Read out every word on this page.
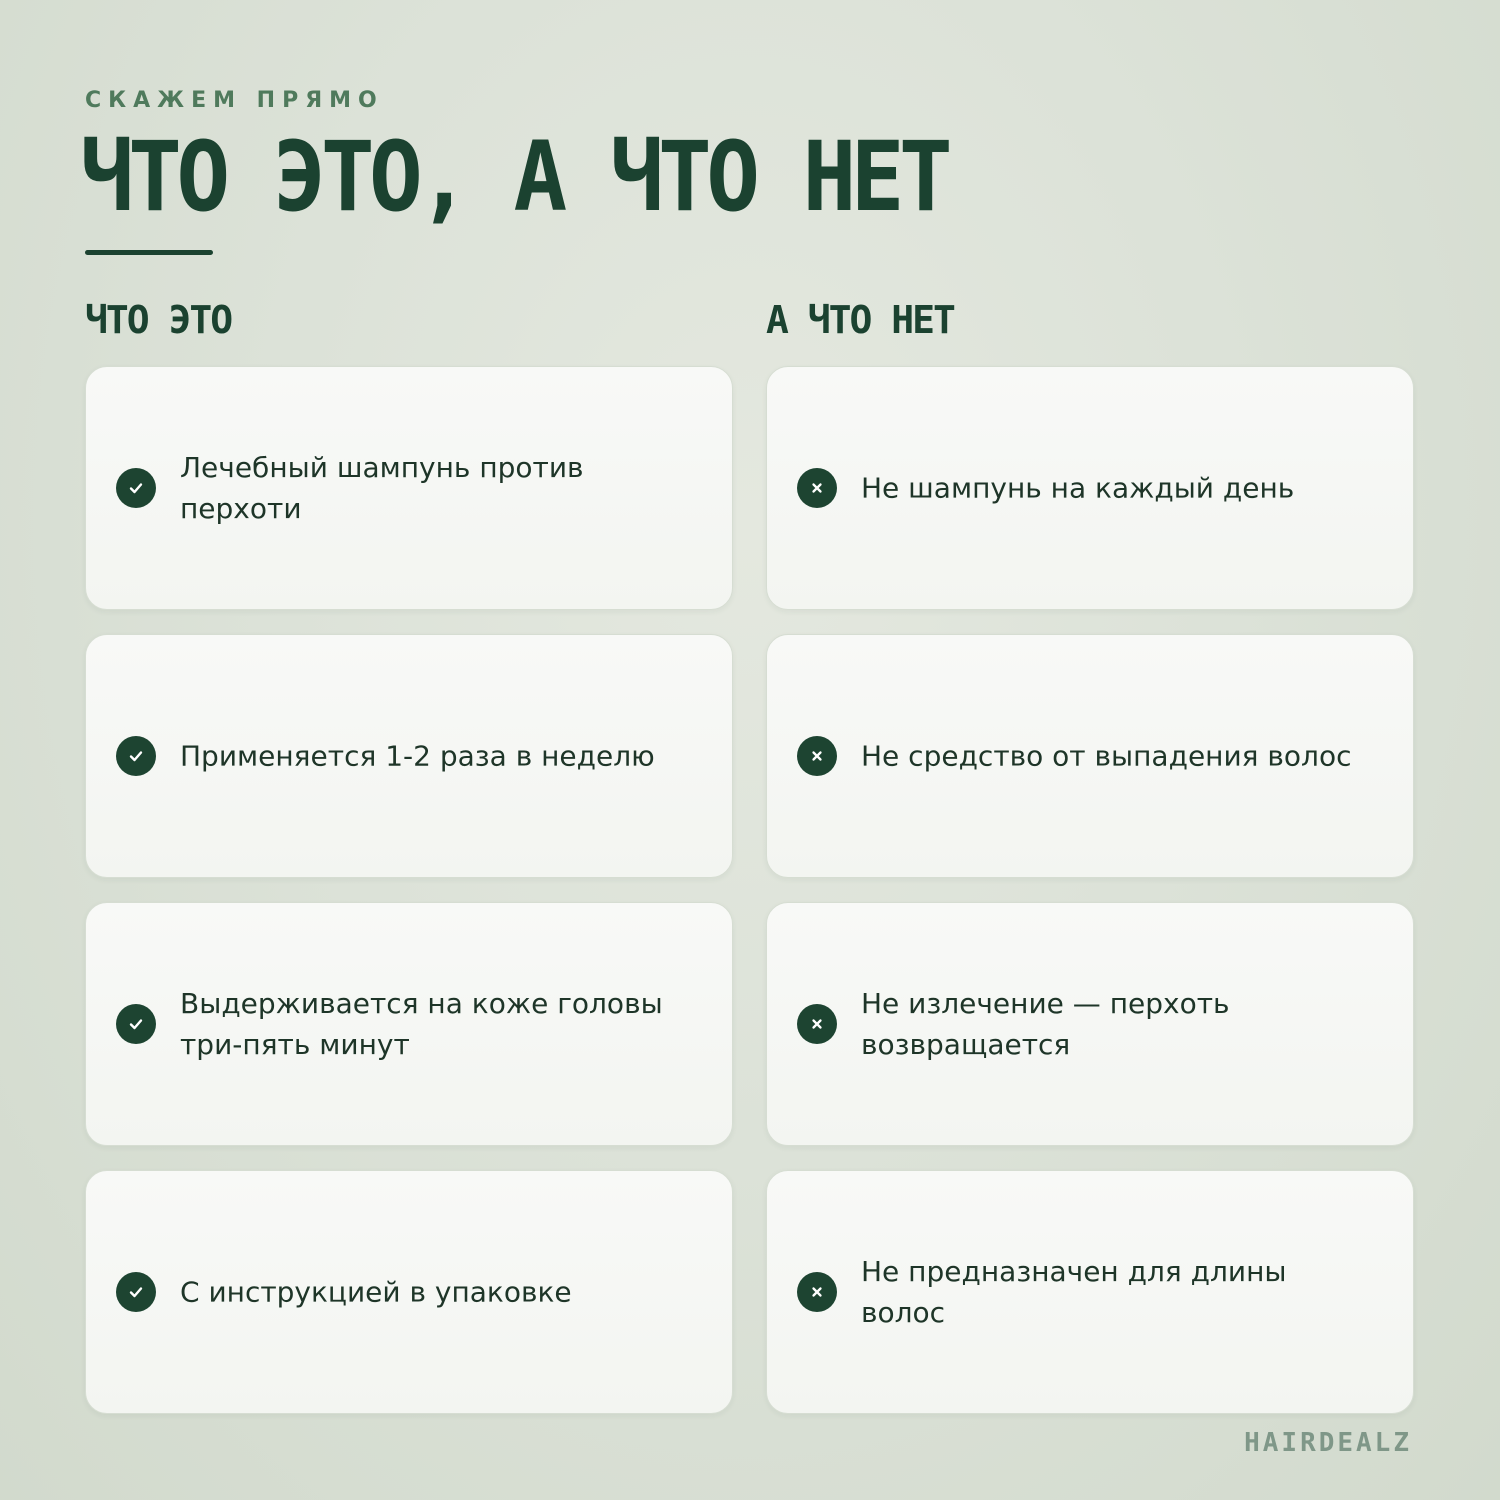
СКАЖЕМ ПРЯМО
ЧТО ЭТО, А ЧТО НЕТ
ЧТО ЭТО	А ЧТО НЕТ
Лечебный шампунь против перхоти
Применяется 1-2 раза в неделю
Выдерживается на коже головы три-пять минут
С инструкцией в упаковке
Не шампунь на каждый день
Не средство от выпадения волос
Не излечение — перхоть возвращается
Не предназначен для длины волос
HAIRDEALZ
